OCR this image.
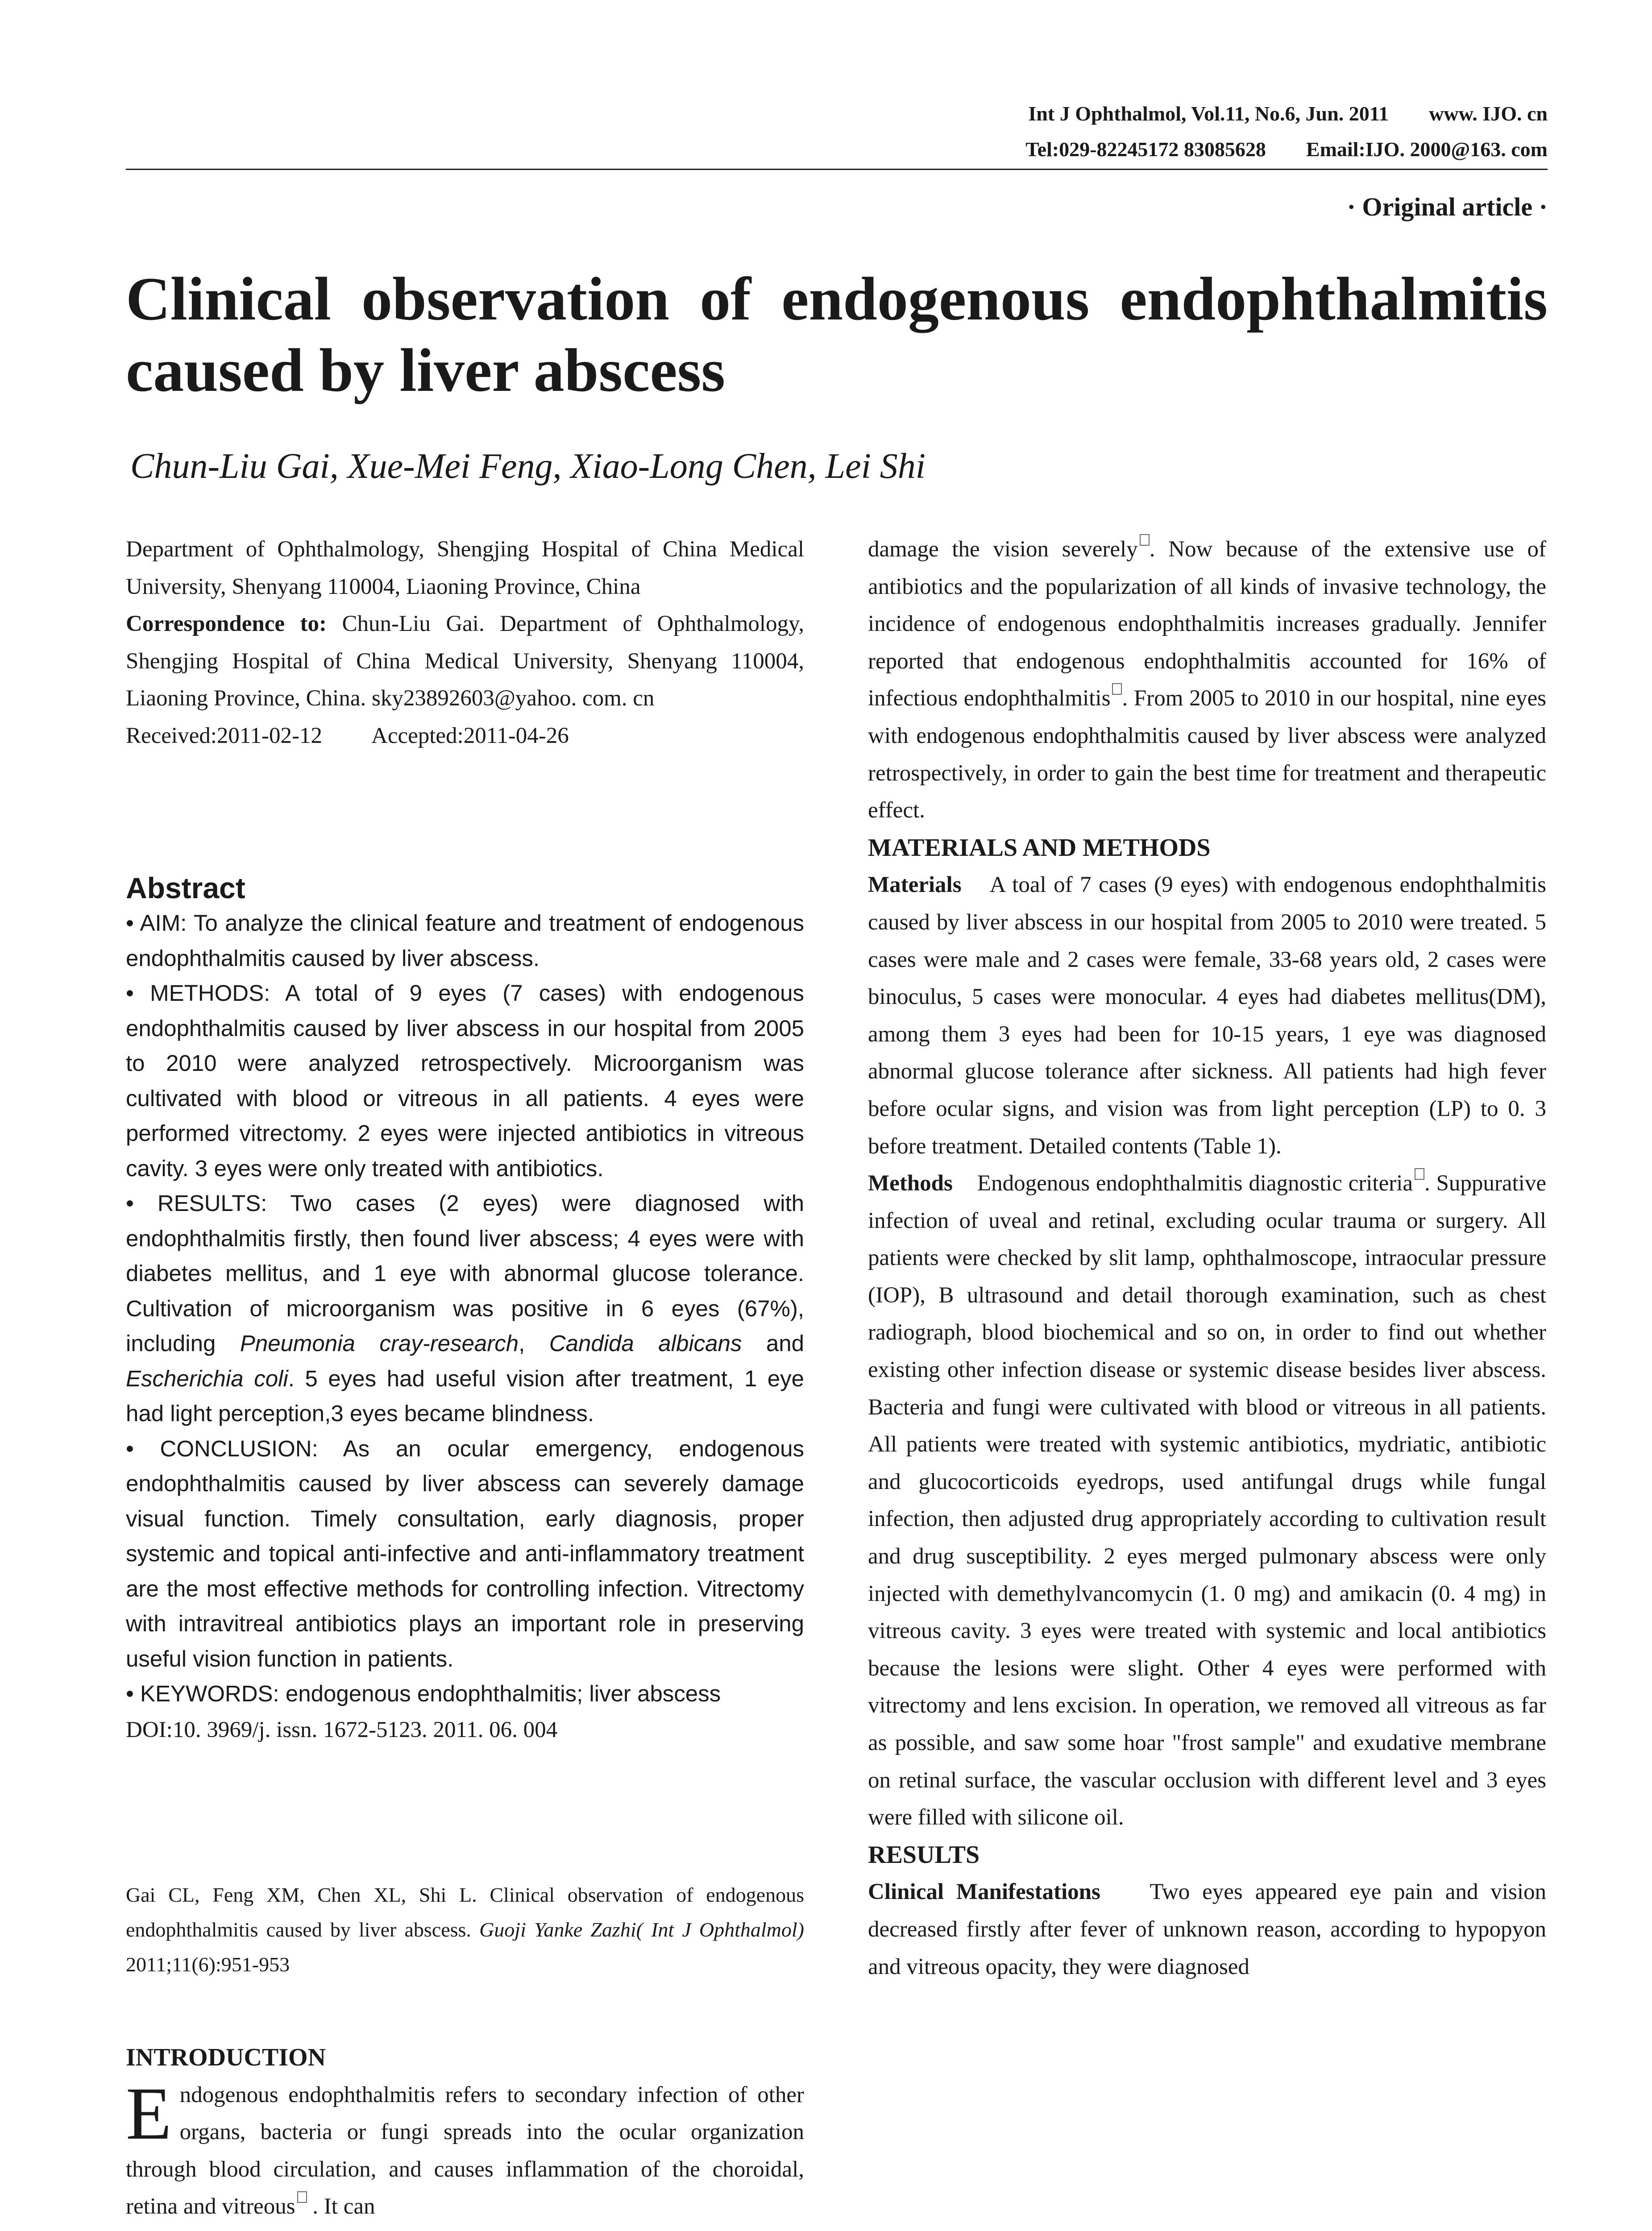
Int J Ophthalmol, Vol.11, No.6, Jun. 2011 www. IJO. cn
Tel:029-82245172 83085628 Email:IJO. 2000@163. com
· Original article ·
Clinical observation of endogenous endophthalmitis
caused by liver abscess
Chun-Liu Gai, Xue-Mei Feng, Xiao-Long Chen, Lei Shi

Department of Ophthalmology, Shengjing Hospital of China Medical University, Shenyang 110004, Liaoning Province, China

Correspondence to: Chun-Liu Gai. Department of Ophthalmology, Shengjing Hospital of China Medical University, Shenyang 110004, Liaoning Province, China. sky23892603@yahoo. com. cn

Received:2011-02-12 Accepted:2011-04-26

Abstract

• AIM: To analyze the clinical feature and treatment of endogenous endophthalmitis caused by liver abscess.

• METHODS: A total of 9 eyes (7 cases) with endogenous endophthalmitis caused by liver abscess in our hospital from 2005 to 2010 were analyzed retrospectively. Microorganism was cultivated with blood or vitreous in all patients. 4 eyes were performed vitrectomy. 2 eyes were injected antibiotics in vitreous cavity. 3 eyes were only treated with antibiotics.

• RESULTS: Two cases (2 eyes) were diagnosed with endophthalmitis firstly, then found liver abscess; 4 eyes were with diabetes mellitus, and 1 eye with abnormal glucose tolerance. Cultivation of microorganism was positive in 6 eyes (67%), including Pneumonia cray-research, Candida albicans and Escherichia coli. 5 eyes had useful vision after treatment, 1 eye had light perception,3 eyes became blindness.

• CONCLUSION: As an ocular emergency, endogenous endophthalmitis caused by liver abscess can severely damage visual function. Timely consultation, early diagnosis, proper systemic and topical anti-infective and anti-inflammatory treatment are the most effective methods for controlling infection. Vitrectomy with intravitreal antibiotics plays an important role in preserving useful vision function in patients.

• KEYWORDS: endogenous endophthalmitis; liver abscess

DOI:10. 3969/j. issn. 1672-5123. 2011. 06. 004
Gai CL, Feng XM, Chen XL, Shi L. Clinical observation of endogenous endophthalmitis caused by liver abscess. Guoji Yanke Zazhi( Int J Ophthalmol) 2011;11(6):951-953
INTRODUCTION

Endogenous endophthalmitis refers to secondary infection of other organs, bacteria or fungi spreads into the ocular organization through blood circulation, and causes inflammation of the choroidal, retina and vitreous . It can

damage the vision severely . Now because of the extensive use of antibiotics and the popularization of all kinds of invasive technology, the incidence of endogenous endophthalmitis increases gradually. Jennifer reported that endogenous endophthalmitis accounted for 16% of infectious endophthalmitis . From 2005 to 2010 in our hospital, nine eyes with endogenous endophthalmitis caused by liver abscess were analyzed retrospectively, in order to gain the best time for treatment and therapeutic effect.

MATERIALS AND METHODS

Materials A toal of 7 cases (9 eyes) with endogenous endophthalmitis caused by liver abscess in our hospital from 2005 to 2010 were treated. 5 cases were male and 2 cases were female, 33-68 years old, 2 cases were binoculus, 5 cases were monocular. 4 eyes had diabetes mellitus(DM), among them 3 eyes had been for 10-15 years, 1 eye was diagnosed abnormal glucose tolerance after sickness. All patients had high fever before ocular signs, and vision was from light perception (LP) to 0. 3 before treatment. Detailed contents (Table 1).

Methods Endogenous endophthalmitis diagnostic criteria . Suppurative infection of uveal and retinal, excluding ocular trauma or surgery. All patients were checked by slit lamp, ophthalmoscope, intraocular pressure (IOP), B ultrasound and detail thorough examination, such as chest radiograph, blood biochemical and so on, in order to find out whether existing other infection disease or systemic disease besides liver abscess. Bacteria and fungi were cultivated with blood or vitreous in all patients. All patients were treated with systemic antibiotics, mydriatic, antibiotic and glucocorticoids eyedrops, used antifungal drugs while fungal infection, then adjusted drug appropriately according to cultivation result and drug susceptibility. 2 eyes merged pulmonary abscess were only injected with demethylvancomycin (1. 0 mg) and amikacin (0. 4 mg) in vitreous cavity. 3 eyes were treated with systemic and local antibiotics because the lesions were slight. Other 4 eyes were performed with vitrectomy and lens excision. In operation, we removed all vitreous as far as possible, and saw some hoar "frost sample" and exudative membrane on retinal surface, the vascular occlusion with different level and 3 eyes were filled with silicone oil.

RESULTS

Clinical Manifestations Two eyes appeared eye pain and vision decreased firstly after fever of unknown reason, according to hypopyon and vitreous opacity, they were diagnosed
